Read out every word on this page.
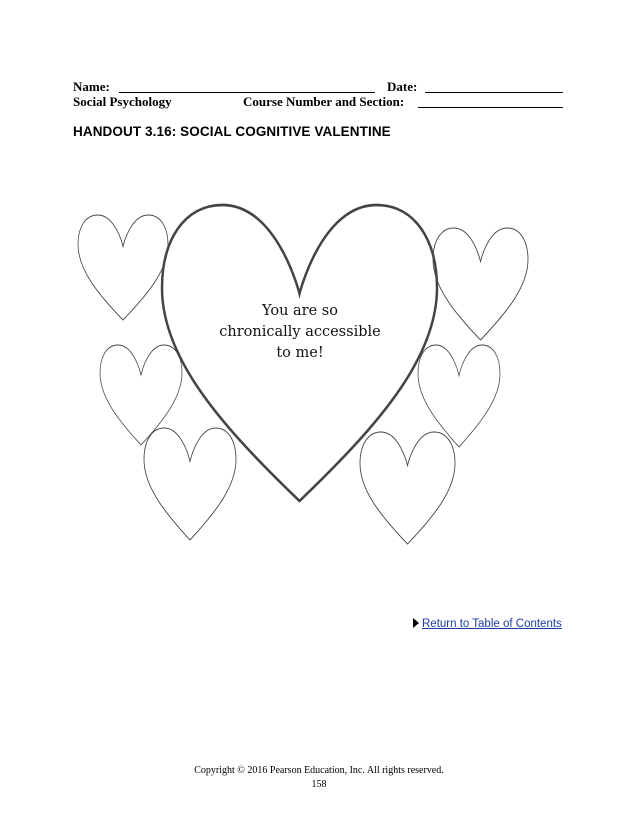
Name:	Date:
Social Psychology	Course Number and Section:
HANDOUT 3.16: SOCIAL COGNITIVE VALENTINE
You are so
chronically accessible
to me!
Return to Table of Contents
Copyright © 2016 Pearson Education, Inc. All rights reserved.
158
